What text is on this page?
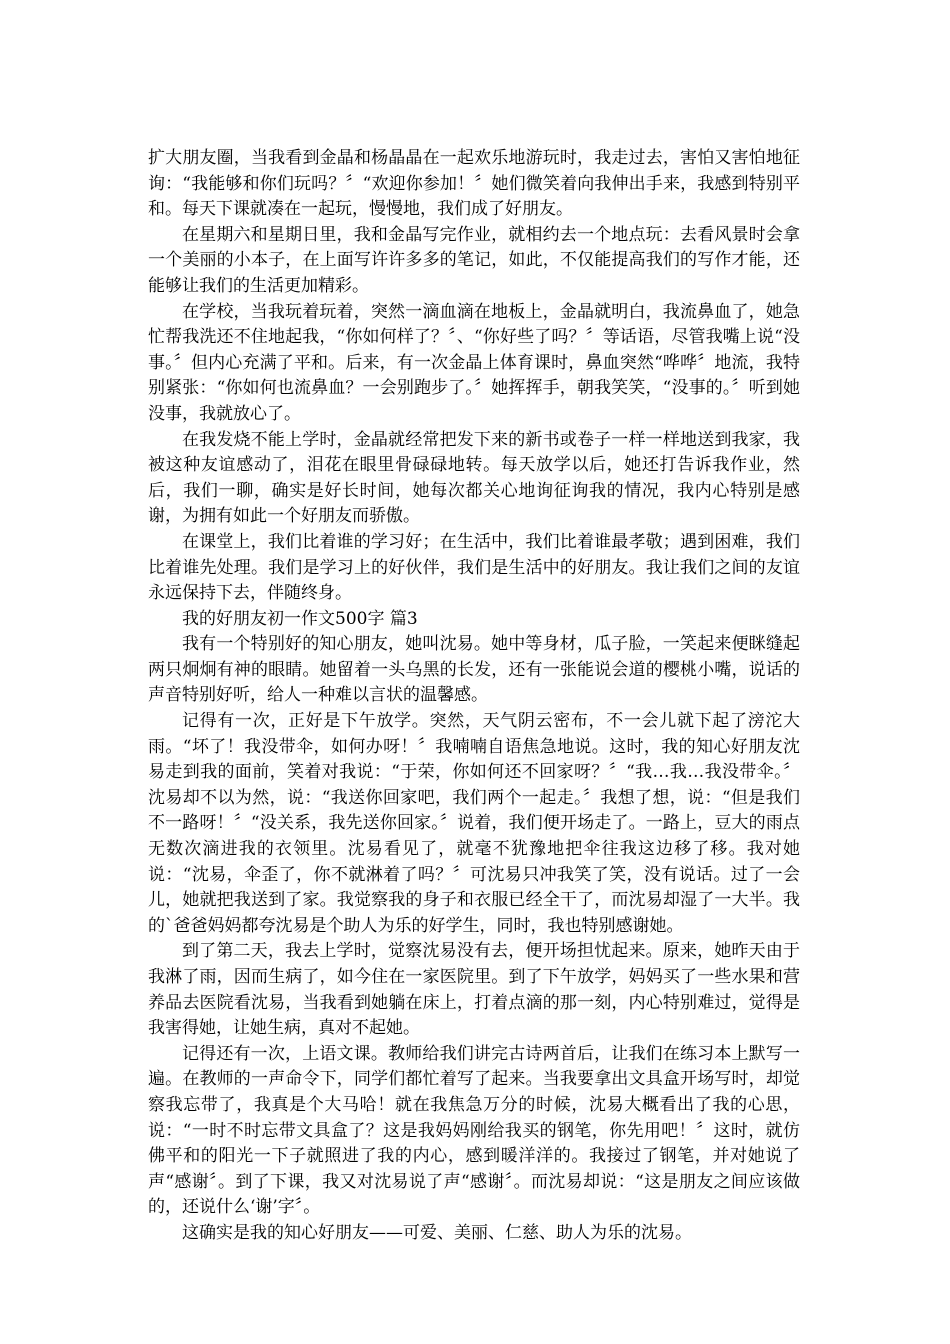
扩大朋友圈，当我看到金晶和杨晶晶在一起欢乐地游玩时，我走过去，害怕又害怕地征询：“我能够和你们玩吗？〞“欢迎你参加！〞她们微笑着向我伸出手来，我感到特别平和。每天下课就凑在一起玩，慢慢地，我们成了好朋友。

在星期六和星期日里，我和金晶写完作业，就相约去一个地点玩：去看风景时会拿一个美丽的小本子，在上面写许许多多的笔记，如此，不仅能提高我们的写作才能，还能够让我们的生活更加精彩。

在学校，当我玩着玩着，突然一滴血滴在地板上，金晶就明白，我流鼻血了，她急忙帮我洗还不住地起我，“你如何样了？〞、“你好些了吗？〞等话语，尽管我嘴上说“没事。〞但内心充满了平和。后来，有一次金晶上体育课时，鼻血突然“哗哗〞地流，我特别紧张：“你如何也流鼻血？一会别跑步了。〞她挥挥手，朝我笑笑，“没事的。〞听到她没事，我就放心了。

在我发烧不能上学时，金晶就经常把发下来的新书或卷子一样一样地送到我家，我被这种友谊感动了，泪花在眼里骨碌碌地转。每天放学以后，她还打告诉我作业，然后，我们一聊，确实是好长时间，她每次都关心地询征询我的情况，我内心特别是感谢，为拥有如此一个好朋友而骄傲。

在课堂上，我们比着谁的学习好；在生活中，我们比着谁最孝敬；遇到困难，我们比着谁先处理。我们是学习上的好伙伴，我们是生活中的好朋友。我让我们之间的友谊永远保持下去，伴随终身。

我的好朋友初一作文500字 篇3

我有一个特别好的知心朋友，她叫沈易。她中等身材，瓜子脸，一笑起来便眯缝起两只炯炯有神的眼睛。她留着一头乌黑的长发，还有一张能说会道的樱桃小嘴，说话的声音特别好听，给人一种难以言状的温馨感。

记得有一次，正好是下午放学。突然，天气阴云密布，不一会儿就下起了滂沱大雨。“坏了！我没带伞，如何办呀！〞我喃喃自语焦急地说。这时，我的知心好朋友沈易走到我的面前，笑着对我说：“于荣，你如何还不回家呀？〞“我…我…我没带伞。〞沈易却不以为然，说：“我送你回家吧，我们两个一起走。〞我想了想，说：“但是我们不一路呀！〞“没关系，我先送你回家。〞说着，我们便开场走了。一路上，豆大的雨点无数次滴进我的衣领里。沈易看见了，就毫不犹豫地把伞往我这边移了移。我对她说：“沈易，伞歪了，你不就淋着了吗？〞可沈易只冲我笑了笑，没有说话。过了一会儿，她就把我送到了家。我觉察我的身子和衣服已经全干了，而沈易却湿了一大半。我的`爸爸妈妈都夸沈易是个助人为乐的好学生，同时，我也特别感谢她。

到了第二天，我去上学时，觉察沈易没有去，便开场担忧起来。原来，她昨天由于我淋了雨，因而生病了，如今住在一家医院里。到了下午放学，妈妈买了一些水果和营养品去医院看沈易，当我看到她躺在床上，打着点滴的那一刻，内心特别难过，觉得是我害得她，让她生病，真对不起她。

记得还有一次，上语文课。教师给我们讲完古诗两首后，让我们在练习本上默写一遍。在教师的一声命令下，同学们都忙着写了起来。当我要拿出文具盒开场写时，却觉察我忘带了，我真是个大马哈！就在我焦急万分的时候，沈易大概看出了我的心思，说：“一时不时忘带文具盒了？这是我妈妈刚给我买的钢笔，你先用吧！〞这时，就仿佛平和的阳光一下子就照进了我的内心，感到暖洋洋的。我接过了钢笔，并对她说了声“感谢〞。到了下课，我又对沈易说了声“感谢〞。而沈易却说：“这是朋友之间应该做的，还说什么‘谢’字〞。

这确实是我的知心好朋友——可爱、美丽、仁慈、助人为乐的沈易。
